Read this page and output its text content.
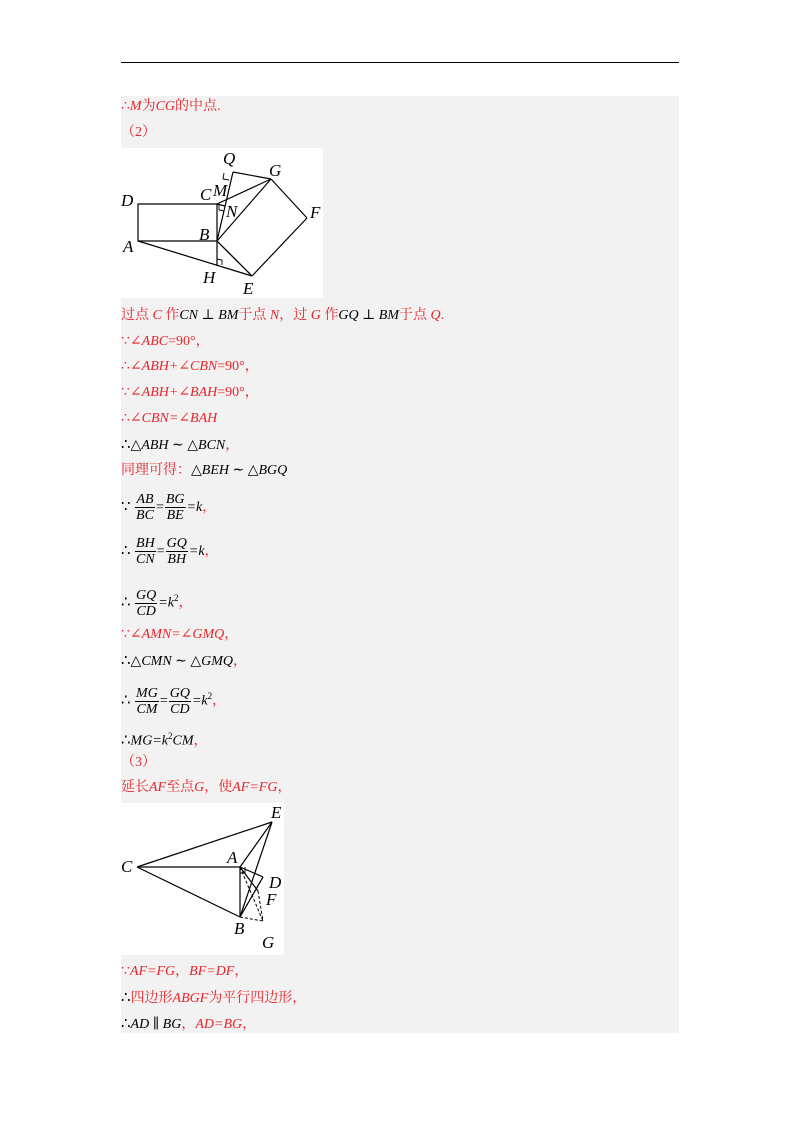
∴M为CG的中点.
（2）
Q
G
M
C
N
D
F
B
A
H
E
过点 C 作CN ⊥ BM于点 N，过 G 作GQ ⊥ BM于点 Q.
∵∠ABC=90°，
∴∠ABH+∠CBN=90°，
∵∠ABH+∠BAH=90°，
∴∠CBN=∠BAH
∴△ABH ∼ △BCN，
同理可得：△BEH ∼ △BGQ
∵ $\frac{AB}{BC} = \frac{BG}{BE} =k$，
∴ $\frac{BH}{CN} = \frac{GQ}{BH} =k$，
∴ $\frac{GQ}{CD} =k^2$，
∵∠AMN=∠GMQ，
∴△CMN ∼ △GMQ，
∴ $\frac{MG}{CM} = \frac{GQ}{CD} =k^2$，
$\therefore MG=k^2CM$，
（3）
延长AF至点G，使AF=FG，
E
A
C
D
F
B
G
∵AF=FG，BF=DF，
∴四边形ABGF为平行四边形，
∴AD ∥ BG，AD=BG，
